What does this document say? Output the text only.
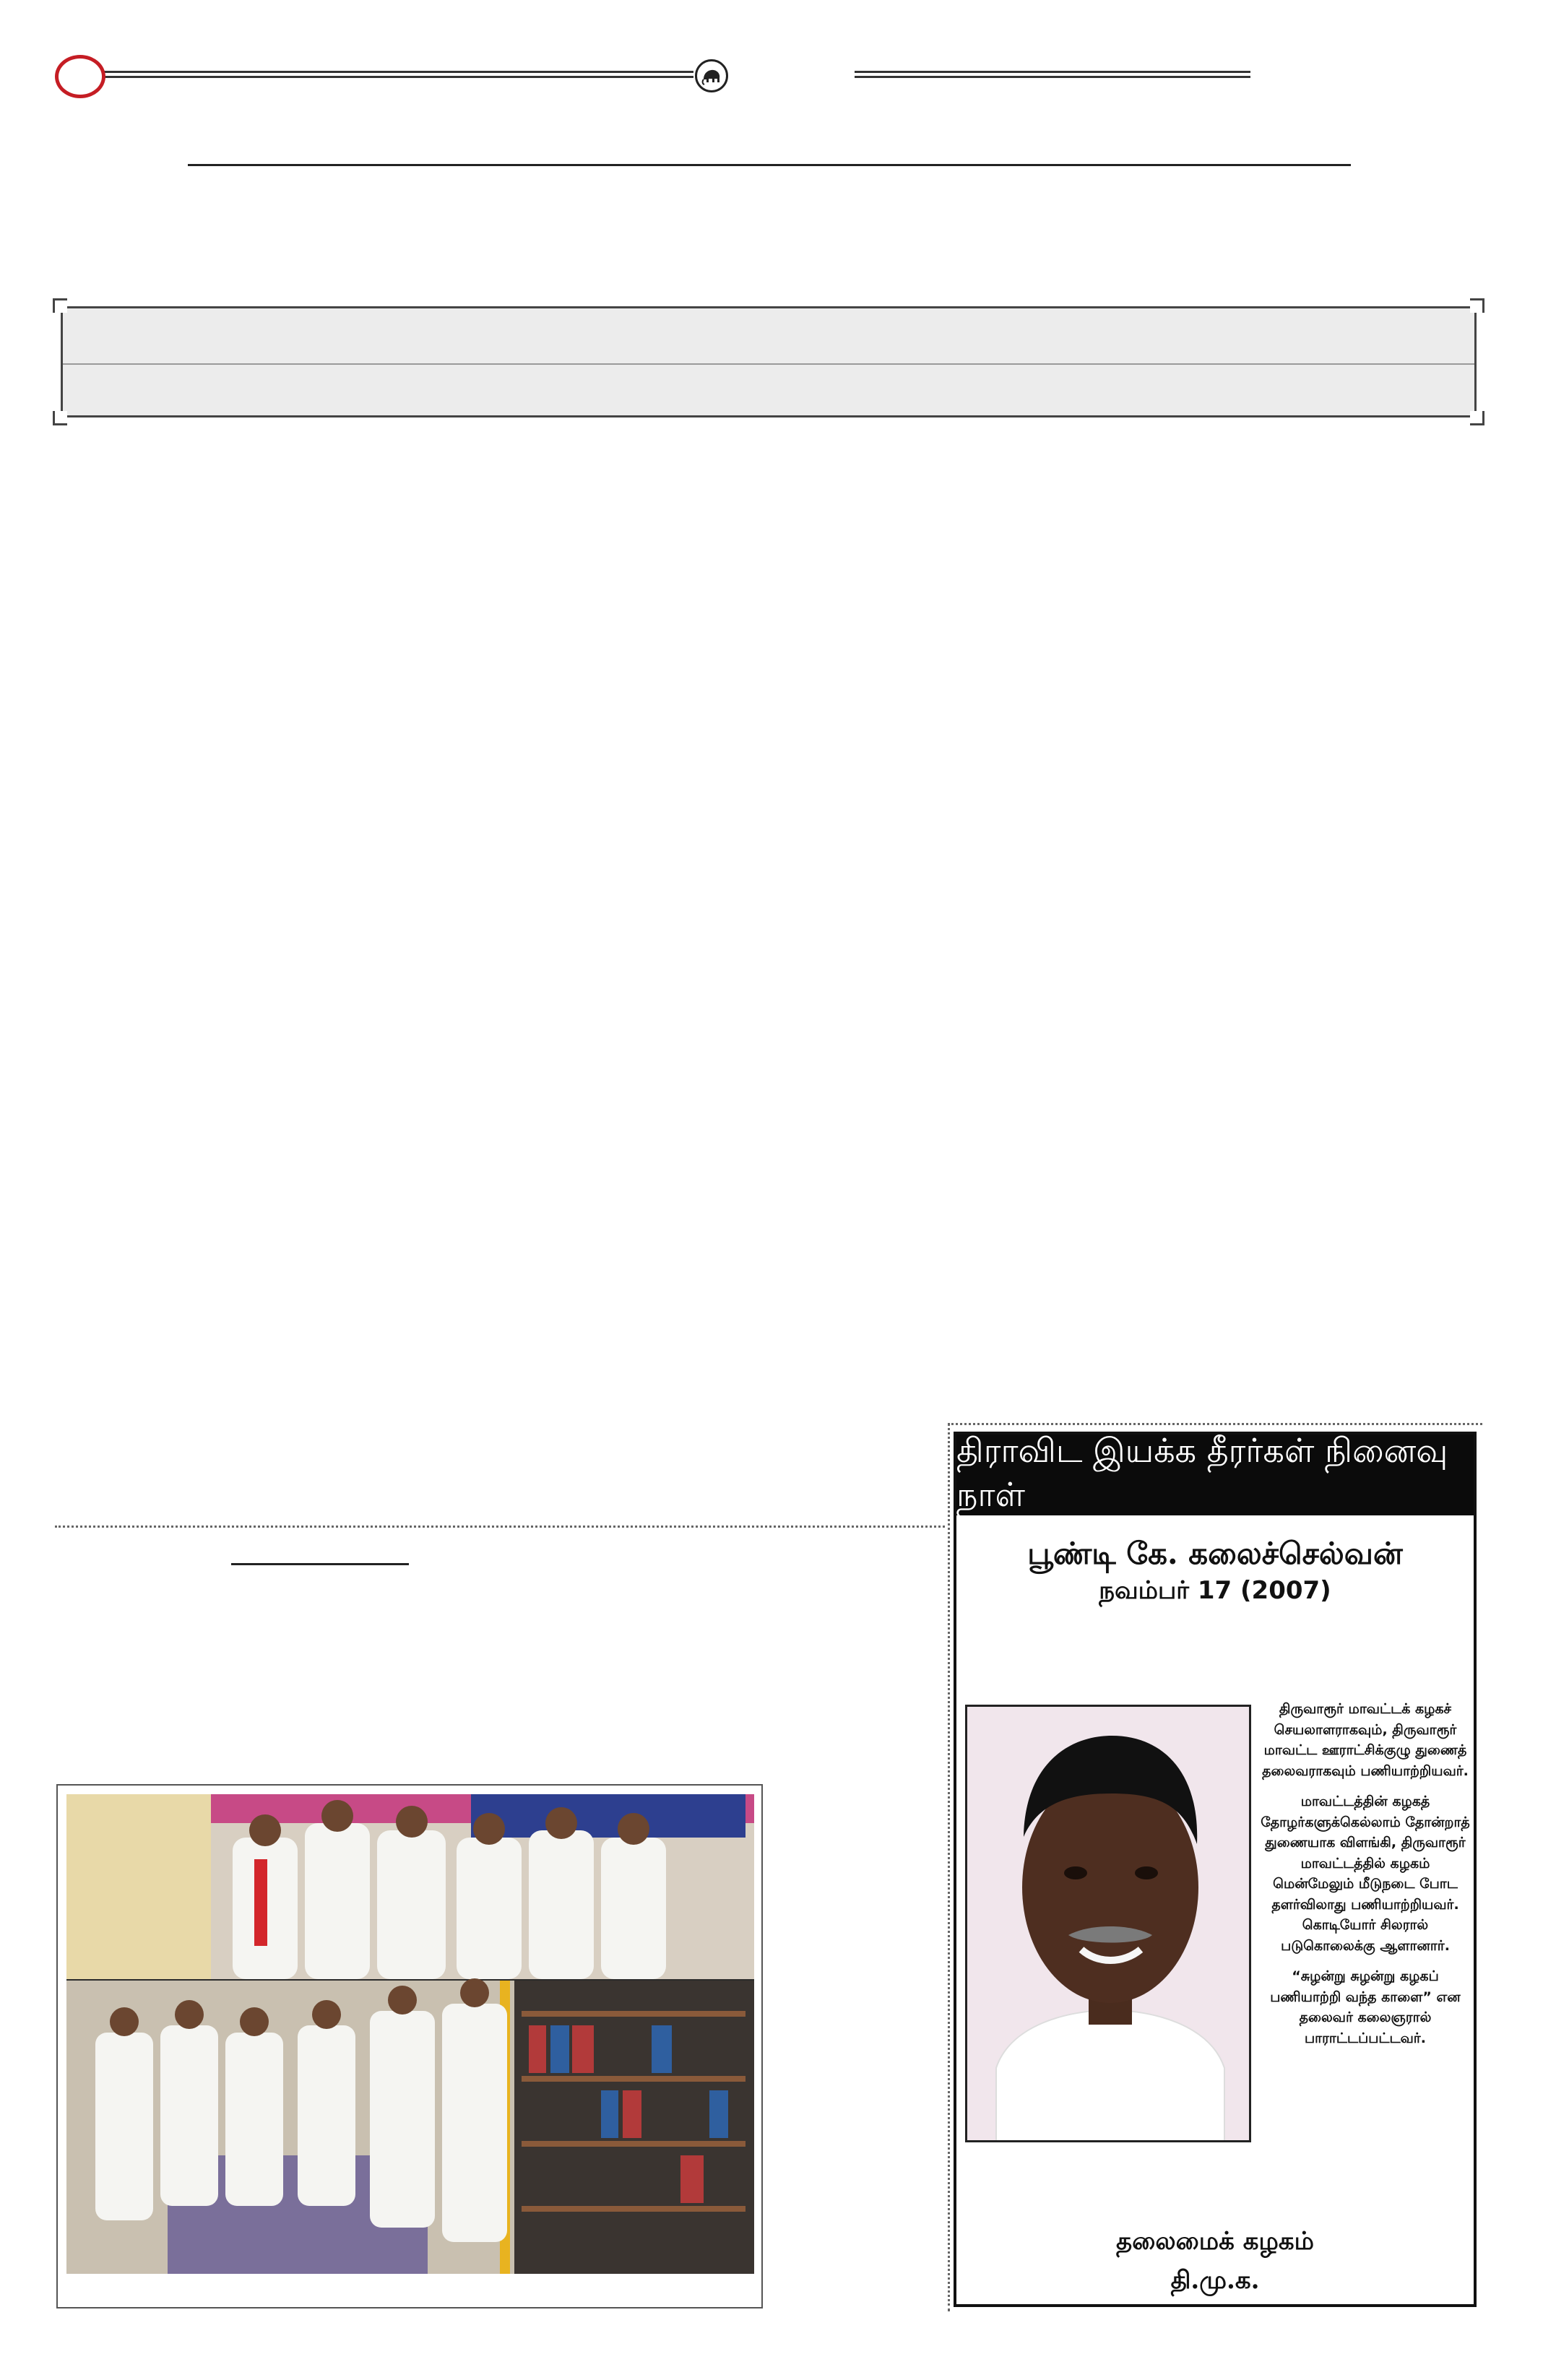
திராவிட இயக்க தீரர்கள் நினைவு நாள்
பூண்டி கே. கலைச்செல்வன்
நவம்பர் 17 (2007)

திருவாரூர் மாவட்டக் கழகச் செயலாளராகவும், திருவாரூர் மாவட்ட ஊராட்சிக்குழு துணைத் தலைவராகவும் பணியாற்றியவர்.

மாவட்டத்தின் கழகத் தோழர்களுக்கெல்லாம் தோன்றாத் துணையாக விளங்கி, திருவாரூர் மாவட்டத்தில் கழகம் மென்மேலும் மீடுநடை போட தளர்விலாது பணியாற்றியவர். கொடியோர் சிலரால் படுகொலைக்கு ஆளானார்.

“சுழன்று சுழன்று கழகப் பணியாற்றி வந்த காளை” என தலைவர் கலைஞரால் பாராட்டப்பட்டவர்.

தலைமைக் கழகம்
தி.மு.க.
